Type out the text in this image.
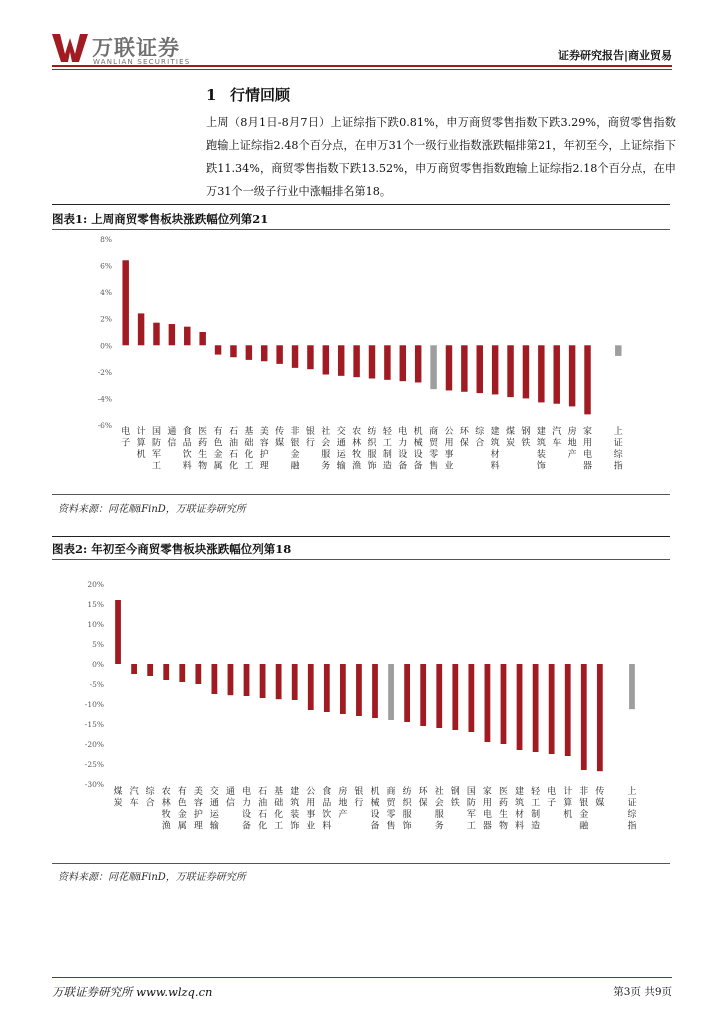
万联证券
WANLIAN SECURITIES	证券研究报告|商业贸易
1 行情回顾
上周（8月1日-8月7日）上证综指下跌0.81%，申万商贸零售指数下跌3.29%，商贸零售指数跑输上证综指2.48个百分点，在申万31个一级行业指数涨跌幅排第21，年初至今，上证综指下跌11.34%，商贸零售指数下跌13.52%，申万商贸零售指数跑输上证综指2.18个百分点，在申万31个一级子行业中涨幅排名第18。
图表1: 上周商贸零售板块涨跌幅位列第21
-6%
-4%
-2%
0%
2%
4%
6%
8%
电
子
计
算
机
国
防
军
工
通
信
食
品
饮
料
医
药
生
物
有
色
金
属
石
油
石
化
基
础
化
工
美
容
护
理
传
媒
非
银
金
融
银
行
社
会
服
务
交
通
运
输
农
林
牧
渔
纺
织
服
饰
轻
工
制
造
电
力
设
备
机
械
设
备
商
贸
零
售
公
用
事
业
环
保
综
合
建
筑
材
料
煤
炭
钢
铁
建
筑
装
饰
汽
车
房
地
产
家
用
电
器
上
证
综
指
资料来源：同花顺iFinD，万联证券研究所
图表2: 年初至今商贸零售板块涨跌幅位列第18
-30%
-25%
-20%
-15%
-10%
-5%
0%
5%
10%
15%
20%
煤
炭
汽
车
综
合
农
林
牧
渔
有
色
金
属
美
容
护
理
交
通
运
输
通
信
电
力
设
备
石
油
石
化
基
础
化
工
建
筑
装
饰
公
用
事
业
食
品
饮
料
房
地
产
银
行
机
械
设
备
商
贸
零
售
纺
织
服
饰
环
保
社
会
服
务
钢
铁
国
防
军
工
家
用
电
器
医
药
生
物
建
筑
材
料
轻
工
制
造
电
子
计
算
机
非
银
金
融
传
媒
上
证
综
指
资料来源：同花顺iFinD，万联证券研究所
万联证券研究所 www.wlzq.cn	第3页 共9页
